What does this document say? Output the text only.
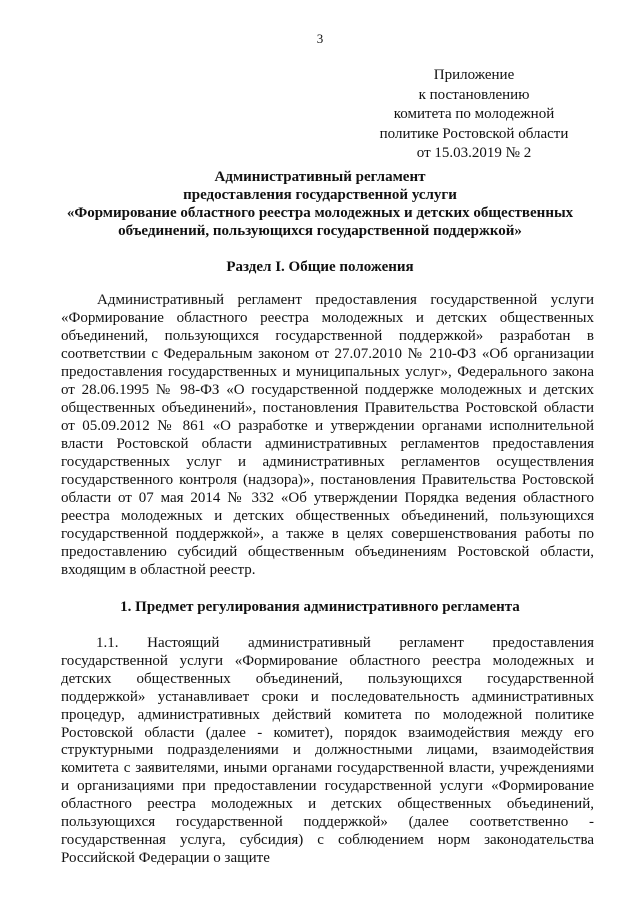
3
Приложение
к постановлению
комитета по молодежной
политике Ростовской области
от 15.03.2019 № 2
Административный регламент
предоставления государственной услуги
«Формирование областного реестра молодежных и детских общественных
объединений, пользующихся государственной поддержкой»
Раздел I. Общие положения

Административный регламент предоставления государственной услуги «Формирование областного реестра молодежных и детских общественных объединений, пользующихся государственной поддержкой» разработан в соответствии с Федеральным законом от 27.07.2010 № 210-ФЗ «Об организации предоставления государственных и муниципальных услуг», Федерального закона от 28.06.1995 № 98-ФЗ «О государственной поддержке молодежных и детских общественных объединений», постановления Правительства Ростовской области от 05.09.2012 № 861 «О разработке и утверждении органами исполнительной власти Ростовской области административных регламентов предоставления государственных услуг и административных регламентов осуществления государственного контроля (надзора)», постановления Правительства Ростовской области от 07 мая 2014 № 332 «Об утверждении Порядка ведения областного реестра молодежных и детских общественных объединений, пользующихся государственной поддержкой», а также в целях совершенствования работы по предоставлению субсидий общественным объединениям Ростовской области, входящим в областной реестр.

1. Предмет регулирования административного регламента

1.1. Настоящий административный регламент предоставления государственной услуги «Формирование областного реестра молодежных и детских общественных объединений, пользующихся государственной поддержкой» устанавливает сроки и последовательность административных процедур, административных действий комитета по молодежной политике Ростовской области (далее - комитет), порядок взаимодействия между его структурными подразделениями и должностными лицами, взаимодействия комитета с заявителями, иными органами государственной власти, учреждениями и организациями при предоставлении государственной услуги «Формирование областного реестра молодежных и детских общественных объединений, пользующихся государственной поддержкой» (далее соответственно - государственная услуга, субсидия) с соблюдением норм законодательства Российской Федерации о защите
